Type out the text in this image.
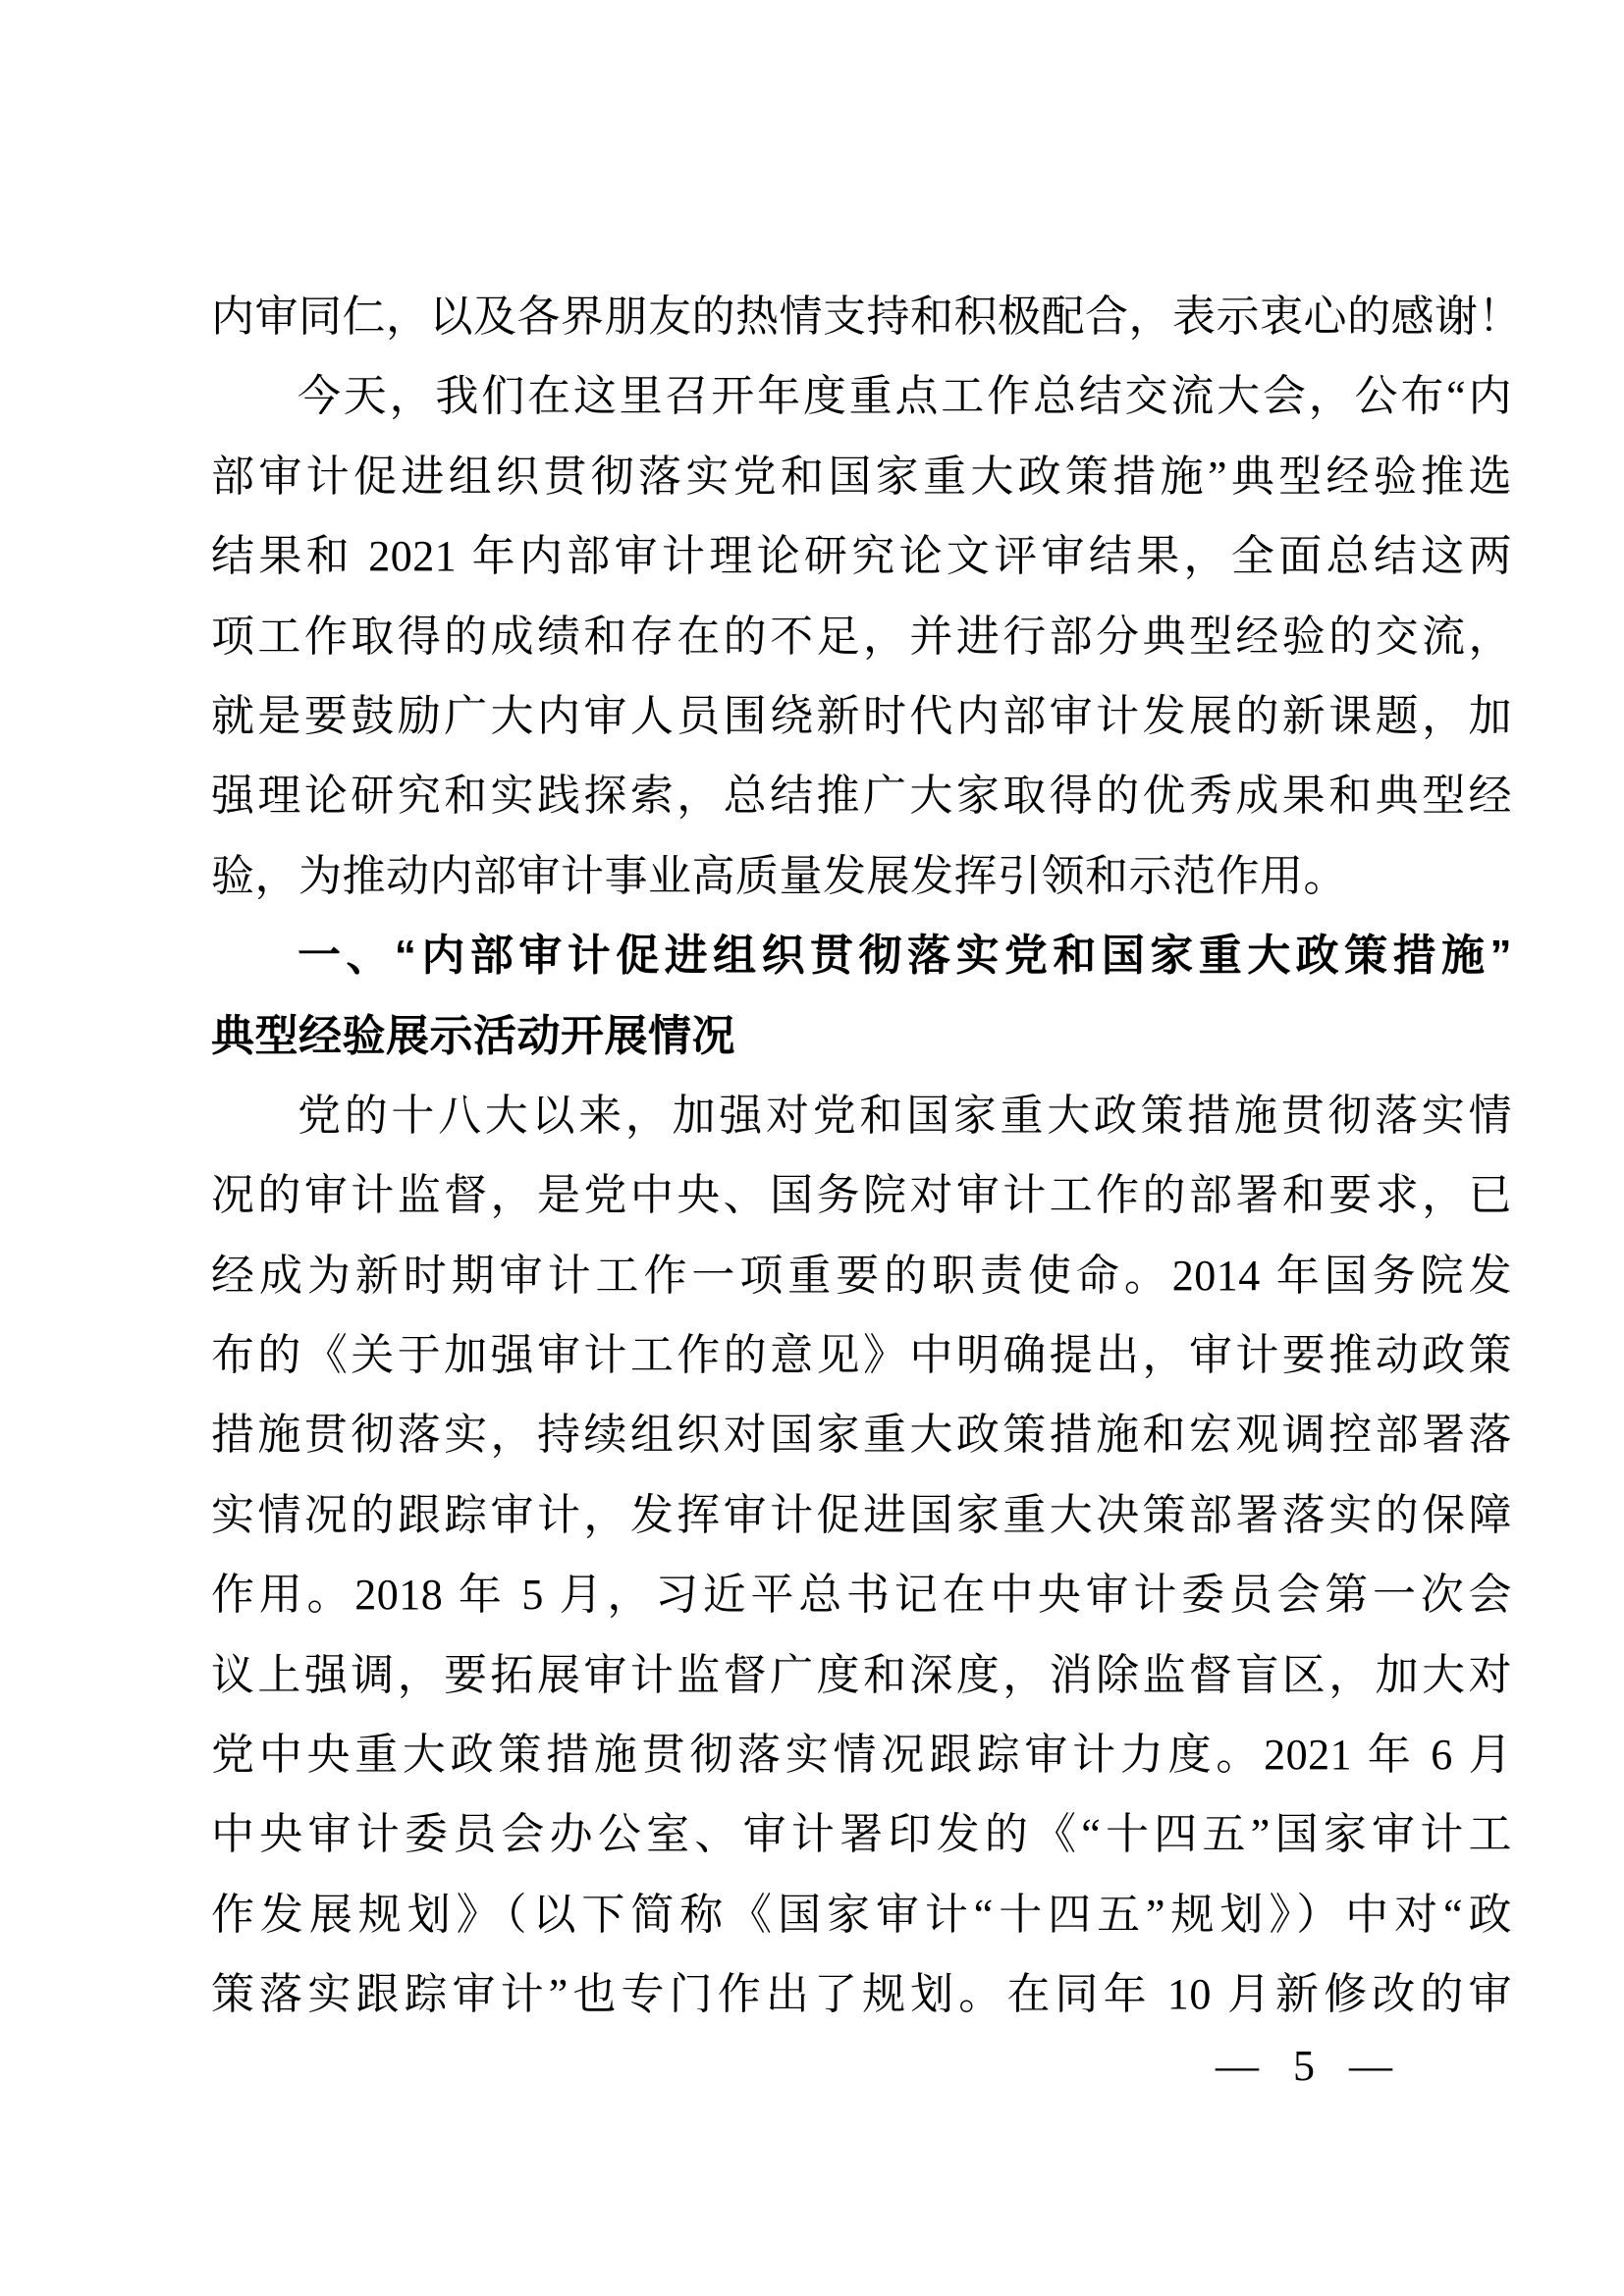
内审同仁，以及各界朋友的热情支持和积极配合，表示衷心的感谢！
今天，我们在这里召开年度重点工作总结交流大会，公布“内
部审计促进组织贯彻落实党和国家重大政策措施”典型经验推选
结果和 2021 年内部审计理论研究论文评审结果，全面总结这两
项工作取得的成绩和存在的不足，并进行部分典型经验的交流，
就是要鼓励广大内审人员围绕新时代内部审计发展的新课题，加
强理论研究和实践探索，总结推广大家取得的优秀成果和典型经
验，为推动内部审计事业高质量发展发挥引领和示范作用。
一、“内部审计促进组织贯彻落实党和国家重大政策措施”
典型经验展示活动开展情况
党的十八大以来，加强对党和国家重大政策措施贯彻落实情
况的审计监督，是党中央、国务院对审计工作的部署和要求，已
经成为新时期审计工作一项重要的职责使命。2014 年国务院发
布的《关于加强审计工作的意见》中明确提出，审计要推动政策
措施贯彻落实，持续组织对国家重大政策措施和宏观调控部署落
实情况的跟踪审计，发挥审计促进国家重大决策部署落实的保障
作用。2018 年 5 月，习近平总书记在中央审计委员会第一次会
议上强调，要拓展审计监督广度和深度，消除监督盲区，加大对
党中央重大政策措施贯彻落实情况跟踪审计力度。2021 年 6 月
中央审计委员会办公室、审计署印发的《“十四五”国家审计工
作发展规划》（以下简称《国家审计“十四五”规划》）中对“政
策落实跟踪审计”也专门作出了规划。在同年 10 月新修改的审
— 5 —
